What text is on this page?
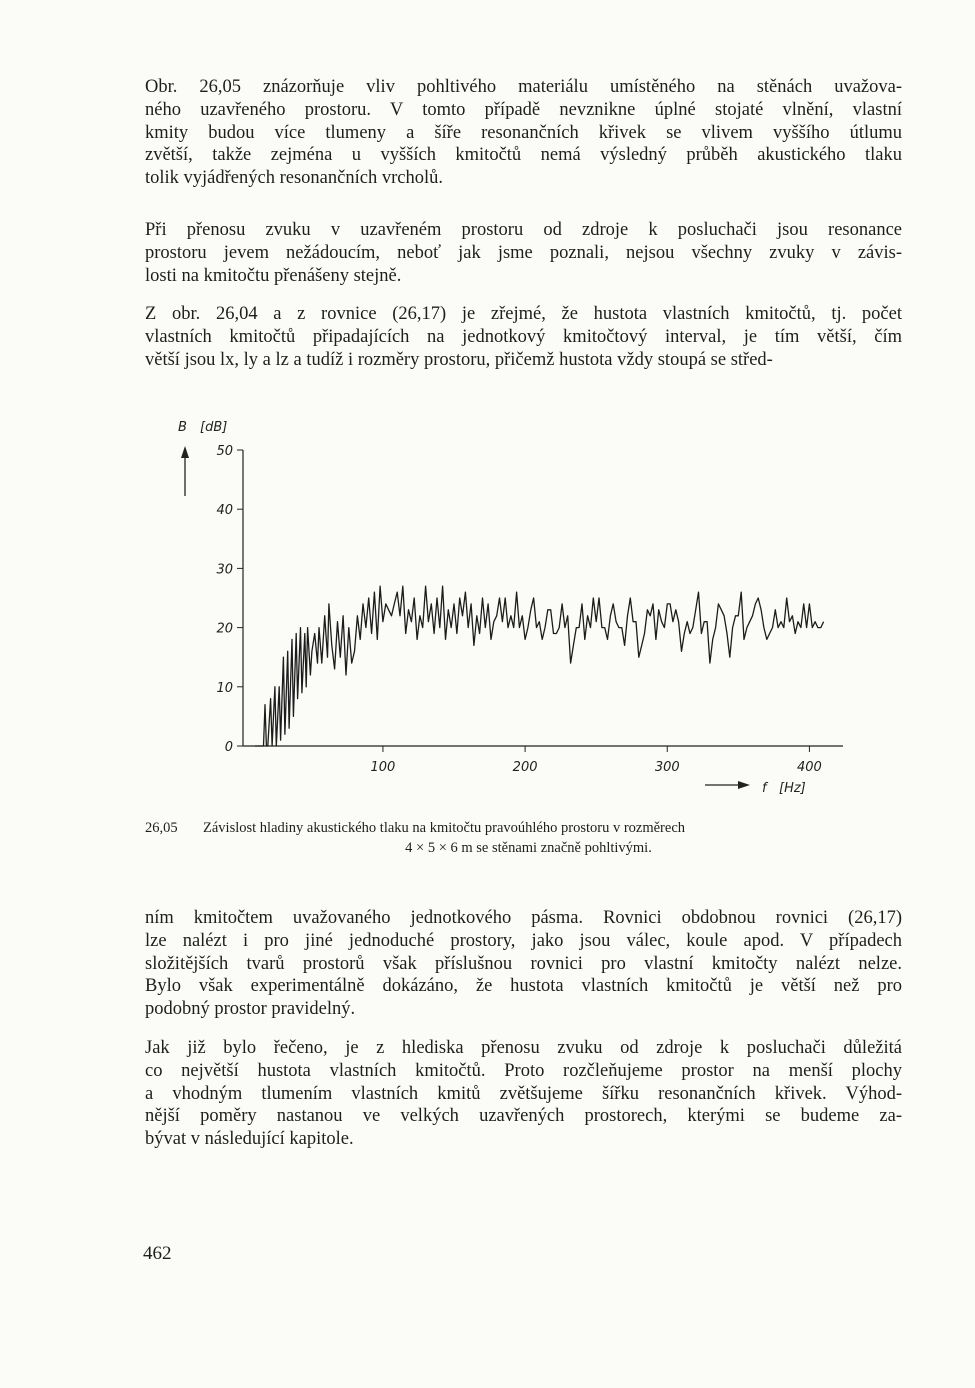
Obr. 26,05 znázorňuje vliv pohltivého materiálu umístěného na stěnách uvažova-
ného uzavřeného prostoru. V tomto případě nevznikne úplné stojaté vlnění, vlastní
kmity budou více tlumeny a šíře resonančních křivek se vlivem vyššího útlumu
zvětší, takže zejména u vyšších kmitočtů nemá výsledný průběh akustického tlaku
tolik vyjádřených resonančních vrcholů.

Při přenosu zvuku v uzavřeném prostoru od zdroje k posluchači jsou resonance
prostoru jevem nežádoucím, neboť jak jsme poznali, nejsou všechny zvuky v závis-
losti na kmitočtu přenášeny stejně.

Z obr. 26,04 a z rovnice (26,17) je zřejmé, že hustota vlastních kmitočtů, tj. počet
vlastních kmitočtů připadajících na jednotkový kmitočtový interval, je tím větší, čím
větší jsou lx, ly a lz a tudíž i rozměry prostoru, přičemž hustota vždy stoupá se střed-

0
10
20
30
40
50
100	200	300	400
B [dB]
f [Hz]
26,05 Závislost hladiny akustického tlaku na kmitočtu pravoúhlého prostoru v rozměrech
4 × 5 × 6 m se stěnami značně pohltivými.

ním kmitočtem uvažovaného jednotkového pásma. Rovnici obdobnou rovnici (26,17)
lze nalézt i pro jiné jednoduché prostory, jako jsou válec, koule apod. V případech
složitějších tvarů prostorů však příslušnou rovnici pro vlastní kmitočty nalézt nelze.
Bylo však experimentálně dokázáno, že hustota vlastních kmitočtů je větší než pro
podobný prostor pravidelný.

Jak již bylo řečeno, je z hlediska přenosu zvuku od zdroje k posluchači důležitá
co největší hustota vlastních kmitočtů. Proto rozčleňujeme prostor na menší plochy
a vhodným tlumením vlastních kmitů zvětšujeme šířku resonančních křivek. Výhod-
nější poměry nastanou ve velkých uzavřených prostorech, kterými se budeme za-
bývat v následující kapitole.

462
